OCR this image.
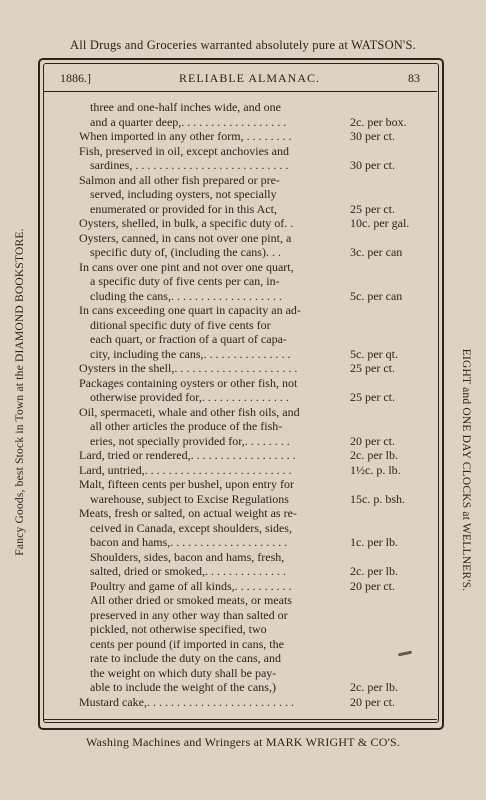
All Drugs and Groceries warranted absolutely pure at WATSON'S.
Fancy Goods, best Stock in Town at the DIAMOND BOOKSTORE.	EIGHT and ONE DAY CLOCKS at WELLNER'S.
1886.]	RELIABLE ALMANAC.	83
three and one-half inches wide, and one
and a quarter deep,. . . . . . . . . . . . . . . . . .	2c. per box.
When imported in any other form, . . . . . . . .	30 per ct.
Fish, preserved in oil, except anchovies and
sardines, . . . . . . . . . . . . . . . . . . . . . . . . . .	30 per ct.
Salmon and all other fish prepared or pre-
served, including oysters, not specially
enumerated or provided for in this Act,	25 per ct.
Oysters, shelled, in bulk, a specific duty of. .	10c. per gal.
Oysters, canned, in cans not over one pint, a
specific duty of, (including the cans). . .	3c. per can
In cans over one pint and not over one quart,
a specific duty of five cents per can, in-
cluding the cans,. . . . . . . . . . . . . . . . . . .	5c. per can
In cans exceeding one quart in capacity an ad-
ditional specific duty of five cents for
each quart, or fraction of a quart of capa-
city, including the cans,. . . . . . . . . . . . . . .	5c. per qt.
Oysters in the shell,. . . . . . . . . . . . . . . . . . . . .	25 per ct.
Packages containing oysters or other fish, not
otherwise provided for,. . . . . . . . . . . . . . .	25 per ct.
Oil, spermaceti, whale and other fish oils, and
all other articles the produce of the fish-
eries, not specially provided for,. . . . . . . .	20 per ct.
Lard, tried or rendered,. . . . . . . . . . . . . . . . . .	2c. per lb.
Lard, untried,. . . . . . . . . . . . . . . . . . . . . . . . .	1½c. p. lb.
Malt, fifteen cents per bushel, upon entry for
warehouse, subject to Excise Regulations	15c. p. bsh.
Meats, fresh or salted, on actual weight as re-
ceived in Canada, except shoulders, sides,
bacon and hams,. . . . . . . . . . . . . . . . . . . .	1c. per lb.
Shoulders, sides, bacon and hams, fresh,
salted, dried or smoked,. . . . . . . . . . . . . .	2c. per lb.
Poultry and game of all kinds,. . . . . . . . . .	20 per ct.
All other dried or smoked meats, or meats
preserved in any other way than salted or
pickled, not otherwise specified, two
cents per pound (if imported in cans, the
rate to include the duty on the cans, and
the weight on which duty shall be pay-
able to include the weight of the cans,)	2c. per lb.
Mustard cake,. . . . . . . . . . . . . . . . . . . . . . . . .	20 per ct.
Washing Machines and Wringers at MARK WRIGHT & CO'S.
